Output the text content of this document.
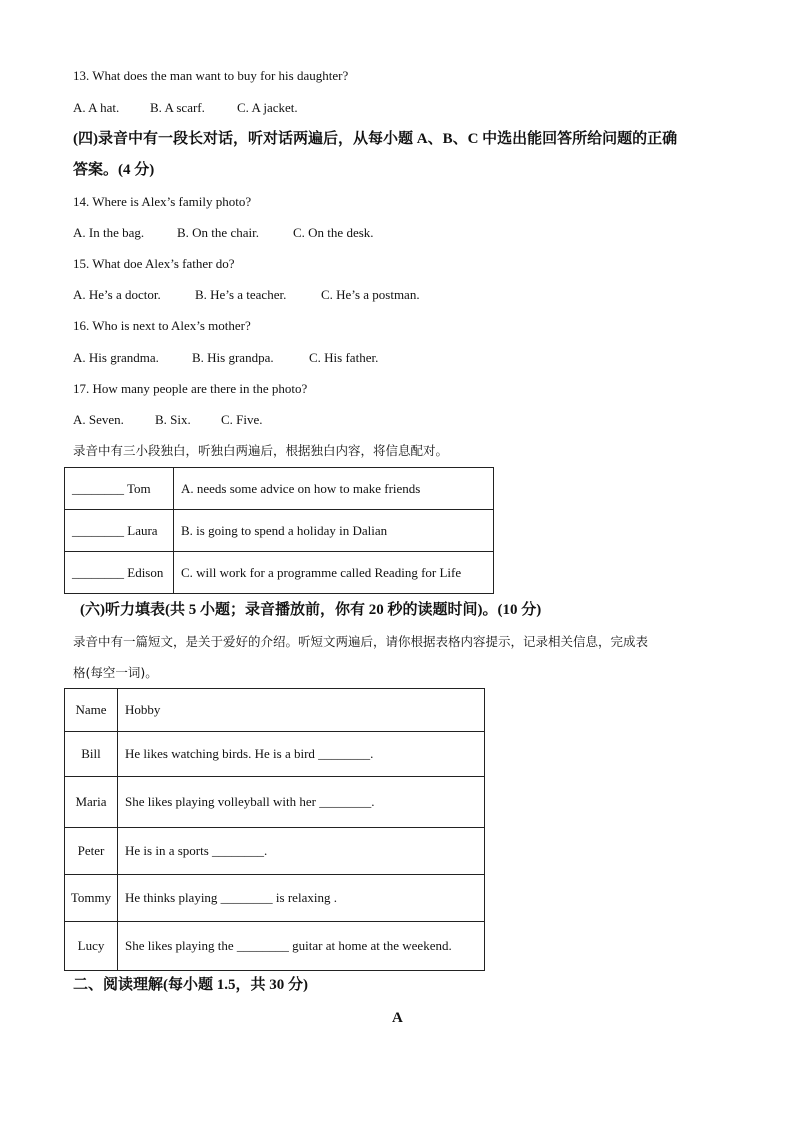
13. What does the man want to buy for his daughter?
A. A hat. B. A scarf. C. A jacket.
(四)录音中有一段长对话，听对话两遍后，从每小题 A、B、C 中选出能回答所给问题的正确
答案。(4 分)
14. Where is Alex’s family photo?
A. In the bag.	B. On the chair.	C. On the desk.
15. What doe Alex’s father do?
A. He’s a doctor.	B. He’s a teacher.	C. He’s a postman.
16. Who is next to Alex’s mother?
A. His grandma.	B. His grandpa.	C. His father.
17. How many people are there in the photo?
A. Seven. B. Six. C. Five.
录音中有三小段独白，听独白两遍后，根据独白内容，将信息配对。
________ Tom	A. needs some advice on how to make friends
________ Laura	B. is going to spend a holiday in Dalian
________ Edison	C. will work for a programme called Reading for Life
(六)听力填表(共 5 小题；录音播放前，你有 20 秒的读题时间)。(10 分)
录音中有一篇短文，是关于爱好的介绍。听短文两遍后，请你根据表格内容提示，记录相关信息，完成表
格(每空一词)。
Name	Hobby
Bill	He likes watching birds. He is a bird ________.
Maria	She likes playing volleyball with her ________.
Peter	He is in a sports ________.
Tommy	He thinks playing ________ is relaxing .
Lucy	She likes playing the ________ guitar at home at the weekend.
二、阅读理解(每小题 1.5，共 30 分)
A
